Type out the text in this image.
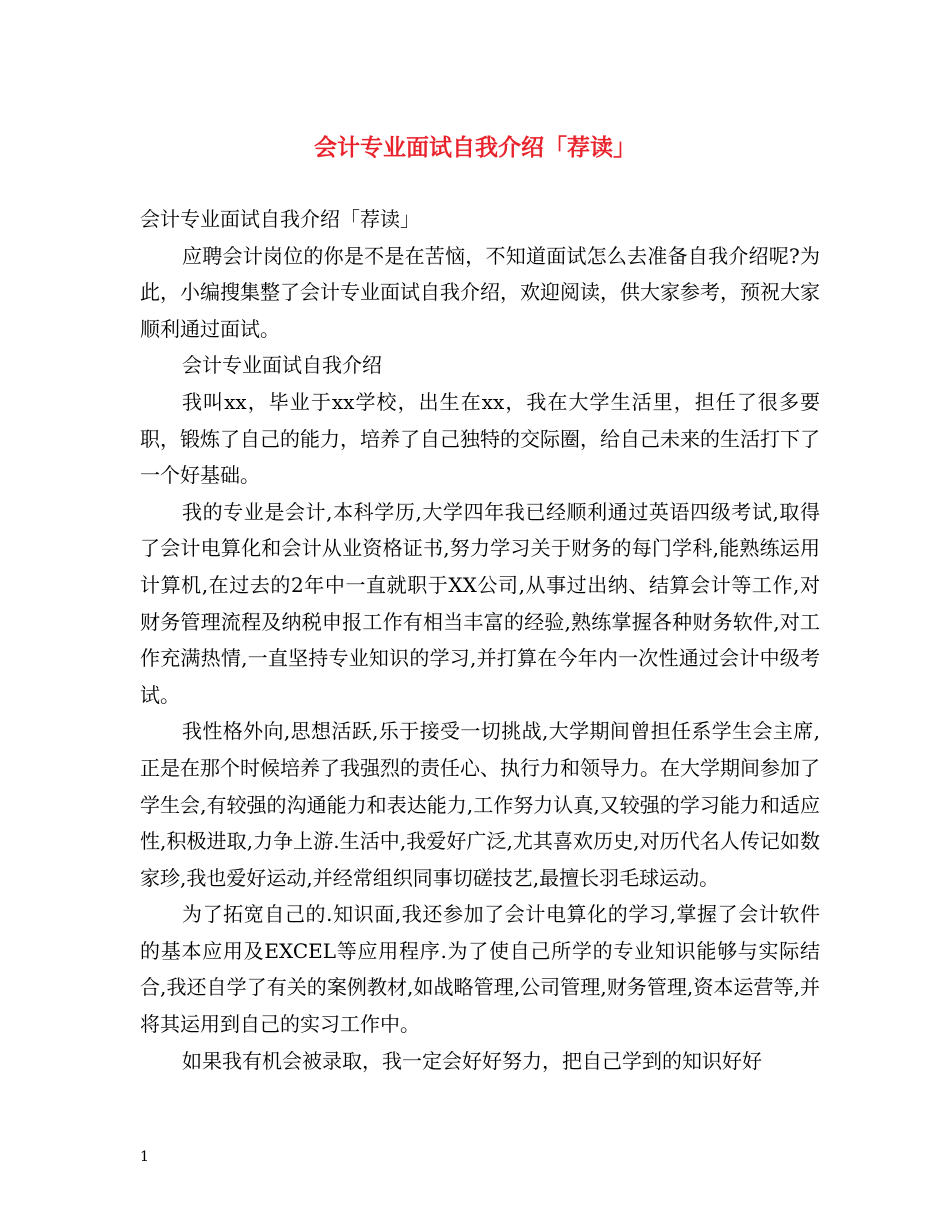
会计专业面试自我介绍「荐读」

会计专业面试自我介绍「荐读」

应聘会计岗位的你是不是在苦恼，不知道面试怎么去准备自我介绍呢?为此，小编搜集整了会计专业面试自我介绍，欢迎阅读，供大家参考，预祝大家顺利通过面试。

会计专业面试自我介绍

我叫xx，毕业于xx学校，出生在xx，我在大学生活里，担任了很多要职，锻炼了自己的能力，培养了自己独特的交际圈，给自己未来的生活打下了一个好基础。

我的专业是会计,本科学历,大学四年我已经顺利通过英语四级考试,取得了会计电算化和会计从业资格证书,努力学习关于财务的每门学科,能熟练运用计算机,在过去的2年中一直就职于XX公司,从事过出纳、结算会计等工作,对财务管理流程及纳税申报工作有相当丰富的经验,熟练掌握各种财务软件,对工作充满热情,一直坚持专业知识的学习,并打算在今年内一次性通过会计中级考试。

我性格外向,思想活跃,乐于接受一切挑战,大学期间曾担任系学生会主席,正是在那个时候培养了我强烈的责任心、执行力和领导力。在大学期间参加了学生会,有较强的沟通能力和表达能力,工作努力认真,又较强的学习能力和适应性,积极进取,力争上游.生活中,我爱好广泛,尤其喜欢历史,对历代名人传记如数家珍,我也爱好运动,并经常组织同事切磋技艺,最擅长羽毛球运动。

为了拓宽自己的.知识面,我还参加了会计电算化的学习,掌握了会计软件的基本应用及EXCEL等应用程序.为了使自己所学的专业知识能够与实际结合,我还自学了有关的案例教材,如战略管理,公司管理,财务管理,资本运营等,并将其运用到自己的实习工作中。

如果我有机会被录取，我一定会好好努力，把自己学到的知识好好

1
